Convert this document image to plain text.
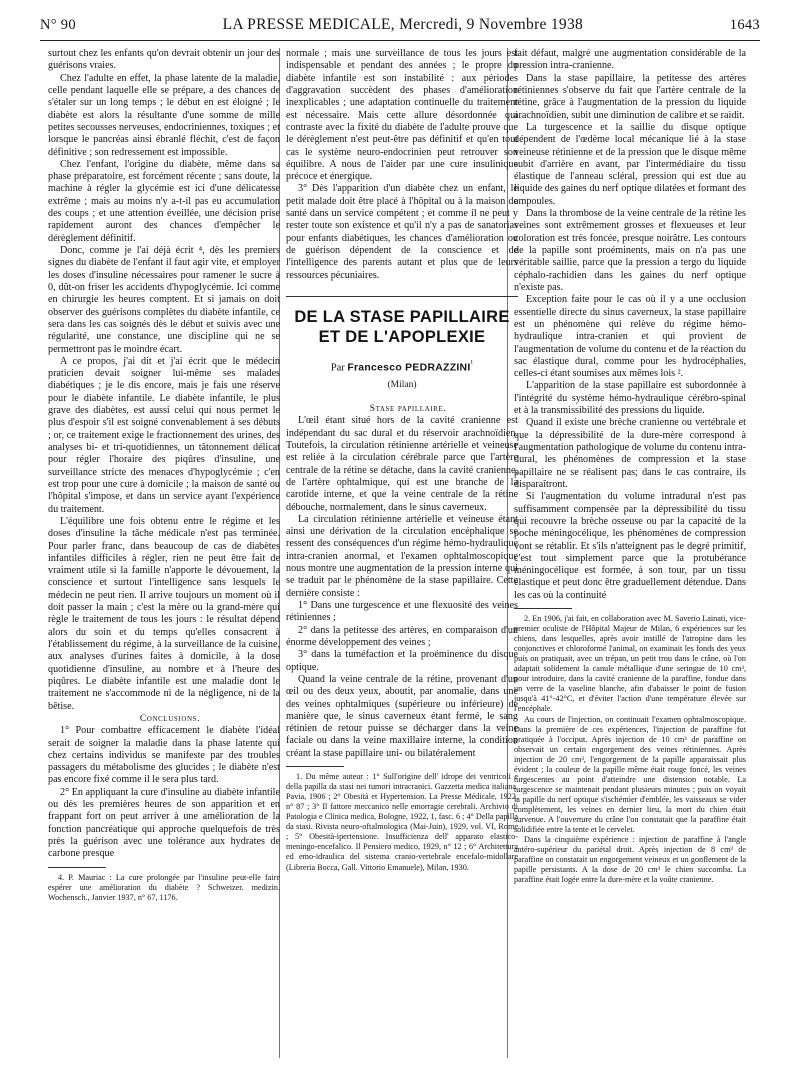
N° 90	LA PRESSE MEDICALE, Mercredi, 9 Novembre 1938	1643

surtout chez les enfants qu'on devrait obtenir un jour des guérisons vraies.

Chez l'adulte en effet, la phase latente de la maladie, celle pendant laquelle elle se prépare, a des chances de s'étaler sur un long temps ; le début en est éloigné ; le diabète est alors la résultante d'une somme de mille petites secousses nerveuses, endocriniennes, toxiques ; et lorsque le pancréas ainsi ébranlé fléchit, c'est de façon définitive ; son redressement est impossible.

Chez l'enfant, l'origine du diabète, même dans sa phase préparatoire, est forcément récente ; sans doute, la machine à régler la glycémie est ici d'une délicatesse extrême ; mais au moins n'y a-t-il pas eu accumulation des coups ; et une attention éveillée, une décision prise rapidement auront des chances d'empêcher le dérèglement définitif.

Donc, comme je l'ai déjà écrit ⁴, dès les premiers signes du diabète de l'enfant il faut agir vite, et employer les doses d'insuline nécessaires pour ramener le sucre à 0, dût-on friser les accidents d'hypoglycémie. Ici comme en chirurgie les heures comptent. Et si jamais on doit observer des guérisons complètes du diabète infantile, ce sera dans les cas soignés dès le début et suivis avec une régularité, une constance, une discipline qui ne se permettront pas le moindre écart.

A ce propos, j'ai dit et j'ai écrit que le médecin praticien devait soigner lui-même ses malades diabétiques ; je le dis encore, mais je fais une réserve pour le diabète infantile. Le diabète infantile, le plus grave des diabètes, est aussi celui qui nous permet le plus d'espoir s'il est soigné convenablement à ses débuts ; or, ce traitement exige le fractionnement des urines, des analyses bi- et tri-quotidiennes, un tâtonnement délicat pour régler l'horaire des piqûres d'insuline, une surveillance stricte des menaces d'hypoglycémie ; c'en est trop pour une cure à domicile ; la maison de santé ou l'hôpital s'impose, et dans un service ayant l'expérience du traitement.

L'équilibre une fois obtenu entre le régime et les doses d'insuline la tâche médicale n'est pas terminée. Pour parler franc, dans beaucoup de cas de diabètes infantiles difficiles à régler, rien ne peut être fait de vraiment utile si la famille n'apporte le dévouement, la conscience et surtout l'intelligence sans lesquels le médecin ne peut rien. Il arrive toujours un moment où il doit passer la main ; c'est la mère ou la grand-mère qui règle le traitement de tous les jours : le résultat dépend alors du soin et du temps qu'elles consacrent à l'établissement du régime, à la surveillance de la cuisine, aux analyses d'urines faites à domicile, à la dose quotidienne d'insuline, au nombre et à l'heure des piqûres. Le diabète infantile est une maladie dont le traitement ne s'accommode ni de la négligence, ni de la bêtise.

Conclusions.

1° Pour combattre efficacement le diabète l'idéal serait de soigner la maladie dans la phase latente qui chez certains individus se manifeste par des troubles passagers du métabolisme des glucides ; le diabète n'est pas encore fixé comme il le sera plus tard.

2° En appliquant la cure d'insuline au diabète infantile ou dès les premières heures de son apparition et en frappant fort on peut arriver à une amélioration de la fonction pancréatique qui approche quelquefois de très près la guérison avec une tolérance aux hydrates de carbone presque

4. P. Mauriac : La cure prolongée par l'insuline peut-elle faire espérer une amélioration du diabète ? Schweizer. medizin. Wochensch., Janvier 1937, n° 67, 1176.

normale ; mais une surveillance de tous les jours est indispensable et pendant des années ; le propre du diabète infantile est son instabilité : aux périodes d'aggravation succèdent des phases d'amélioration inexplicables ; une adaptation continuelle du traitement est nécessaire. Mais cette allure désordonnée qui contraste avec la fixité du diabète de l'adulte prouve que le dérèglement n'est peut-être pas définitif et qu'en tout cas le système neuro-endocrinien peut retrouver son équilibre. A nous de l'aider par une cure insulinique précoce et énergique.

3° Dès l'apparition d'un diabète chez un enfant, le petit malade doit être placé à l'hôpital ou à la maison de santé dans un service compétent ; et comme il ne peut y rester toute son existence et qu'il n'y a pas de sanatorias pour enfants diabétiques, les chances d'amélioration ou de guérison dépendent de la conscience et de l'intelligence des parents autant et plus que de leurs ressources pécuniaires.

DE LA STASE PAPILLAIRE
ET DE L'APOPLEXIE
Par Francesco $PEDRAZZINI^{^1}$
(Milan)

Stase papillaire.

L'œil étant situé hors de la cavité cranienne est indépendant du sac dural et du réservoir arachnoïdien. Toutefois, la circulation rétinienne artérielle et veineuse est reliée à la circulation cérébrale parce que l'artère centrale de la rétine se détache, dans la cavité cranienne, de l'artère ophtalmique, qui est une branche de la carotide interne, et que la veine centrale de la rétine débouche, normalement, dans le sinus caverneux.

La circulation rétinienne artérielle et veineuse étant ainsi une dérivation de la circulation encéphalique se ressent des conséquences d'un régime hémo-hydraulique intra-cranien anormal, et l'examen ophtalmoscopique nous montre une augmentation de la pression interne qui se traduit par le phénomène de la stase papillaire. Cette dernière consiste :

1° Dans une turgescence et une flexuosité des veines rétiniennes ;

2° dans la petitesse des artères, en comparaison d'un énorme développement des veines ;

3° dans la tuméfaction et la proéminence du disque optique.

Quand la veine centrale de la rétine, provenant d'un œil ou des deux yeux, aboutit, par anomalie, dans une des veines ophtalmiques (supérieure ou inférieure) de manière que, le sinus caverneux étant fermé, le sang rétinien de retour puisse se décharger dans la veine faciale ou dans la veine maxillaire interne, la condition créant la stase papillaire uni- ou bilatéralement

1. Du même auteur : 1° Sull'origine dell' idrope dei ventricoli e della papilla da stasi nei tumori intracranici. Gazzetta medica italiana, Pavia, 1906 ; 2° Obesità et Hypertension. La Presse Médicale, 1922, n° 87 ; 3° Il fattore meccanico nelle emorragie cerebrali. Archivio di Patologia e Clinica medica, Bologne, 1922, 1, fasc. 6 ; 4° Della papilla da stasi. Rivista neuro-oftalmologica (Mai-Juin), 1929, vol. VI, Rome ; 5° Obesità-ipertensione. Insufficienza dell' apparato elastico-meningo-encefalico. Il Pensiero medico, 1929, n° 12 ; 6° Architettura ed emo-idraulica del sistema cranio-vertebrale encefalo-midollare (Libreria Bocca, Gall. Vittorio Emanuele), Milan, 1930.

fait défaut, malgré une augmentation considérable de la pression intra-cranienne.

Dans la stase papillaire, la petitesse des artères rétiniennes s'observe du fait que l'artère centrale de la rétine, grâce à l'augmentation de la pression du liquide arachnoïdien, subit une diminution de calibre et se raidit.

La turgescence et la saillie du disque optique dépendent de l'œdème local mécanique lié à la stase veineuse rétinienne et de la pression que le disque même subit d'arrière en avant, par l'intermédiaire du tissu élastique de l'anneau scléral, pression qui est due au liquide des gaines du nerf optique dilatées et formant des ampoules.

Dans la thrombose de la veine centrale de la rétine les veines sont extrêmement grosses et flexueuses et leur coloration est très foncée, presque noirâtre. Les contours de la papille sont proéminents, mais on n'a pas une véritable saillie, parce que la pression a tergo du liquide céphalo-rachidien dans les gaines du nerf optique n'existe pas.

Exception faite pour le cas où il y a une occlusion essentielle directe du sinus caverneux, la stase papillaire est un phénomène qui relève du régime hémo-hydraulique intra-cranien et qui provient de l'augmentation de volume du contenu et de la réaction du sac élastique dural, comme pour les hydrocéphalies, celles-ci étant soumises aux mêmes lois ².

L'apparition de la stase papillaire est subordonnée à l'intégrité du système hémo-hydraulique cérébro-spinal et à la transmissibilité des pressions du liquide.

Quand il existe une brèche cranienne ou vertébrale et que la dépressibilité de la dure-mère correspond à l'augmentation pathologique de volume du contenu intra-dural, les phénomènes de compression et la stase papillaire ne se réalisent pas; dans le cas contraire, ils disparaîtront.

Si l'augmentation du volume intradural n'est pas suffisamment compensée par la dépressibilité du tissu qui recouvre la brèche osseuse ou par la capacité de la poche méningocélique, les phénomènes de compression vont se rétablir. Et s'ils n'atteignent pas le degré primitif, c'est tout simplement parce que la protubérance méningocélique est formée, à son tour, par un tissu élastique et peut donc être graduellement détendue. Dans les cas où la continuité

2. En 1906, j'ai fait, en collaboration avec M. Saverio Lainati, vice-premier oculiste de l'Hôpital Majeur de Milan, 6 expériences sur les chiens, dans lesquelles, après avoir instillé de l'atropine dans les conjonctives et chloroformé l'animal, on examinait les fonds des yeux puis on pratiquait, avec un trépan, un petit trou dans le crâne, où l'on adaptait solidement la canule métallique d'une seringue de 10 cm³, pour introduire, dans la cavité cranienne de la paraffine, fondue dans un verre de la vaseline blanche, afin d'abaisser le point de fusion jusqu'à 41°-42°C, et d'éviter l'action d'une température élevée sur l'encéphale.

Au cours de l'injection, on continuait l'examen ophtalmoscopique. Dans la première de ces expériences, l'injection de paraffine fut pratiquée à l'occiput. Après injection de 10 cm³ de paraffine on observait un certain engorgement des veines rétiniennes. Après injection de 20 cm³, l'engorgement de la papille apparaissait plus évident ; la couleur de la papille même était rouge foncé, les veines turgescentes au point d'atteindre une distension notable. La turgescence se maintenait pendant plusieurs minutes ; puis on voyait la papille du nerf optique s'ischémier d'emblée, les vaisseaux se vider complètement, les veines en dernier lieu, la mort du chien était survenue. A l'ouverture du crâne l'on constatait que la paraffine était solidifiée entre la tente et le cervelet.

Dans la cinquième expérience : injection de paraffine à l'angle antéro-supérieur du pariétal droit. Après injection de 8 cm³ de paraffine on constatait un engorgement veineux et un gonflement de la papille persistants. A la dose de 20 cm³ le chien succomba. La paraffine était logée entre la dure-mère et la voûte cranienne.
